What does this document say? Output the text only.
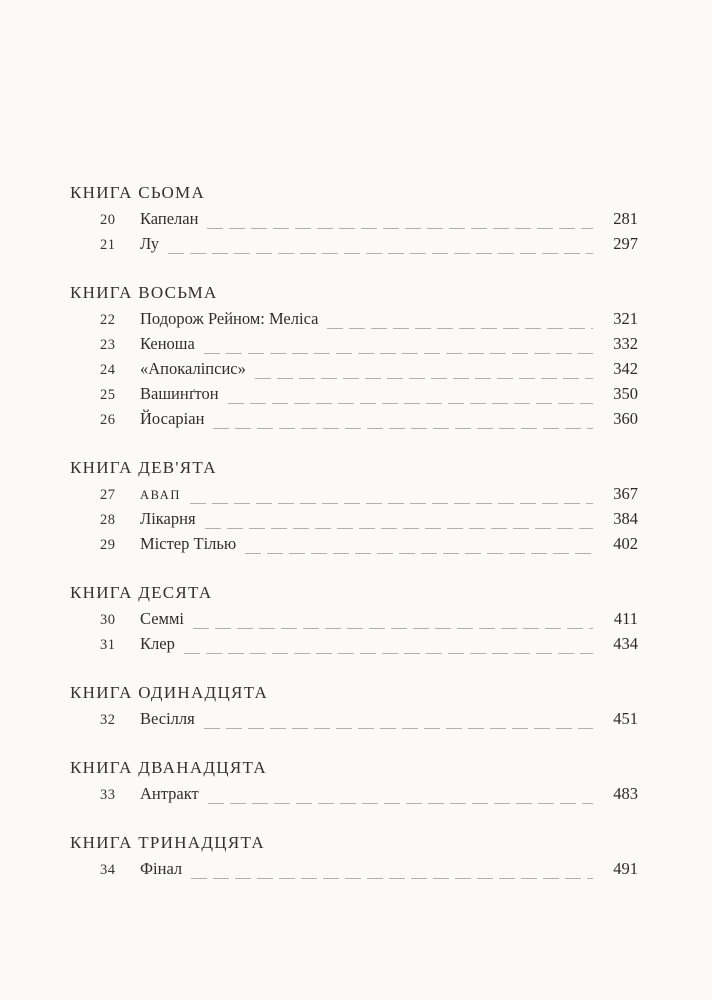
КНИГА СЬОМА
20	Капелан	281
21	Лу	297
КНИГА ВОСЬМА
22	Подорож Рейном: Меліса	321
23	Кеноша	332
24	«Апокаліпсис»	342
25	Вашинґтон	350
26	Йосаріан	360
КНИГА ДЕВ'ЯТА
27	АВАП	367
28	Лікарня	384
29	Містер Тілью	402
КНИГА ДЕСЯТА
30	Семмі	411
31	Клер	434
КНИГА ОДИНАДЦЯТА
32	Весілля	451
КНИГА ДВАНАДЦЯТА
33	Антракт	483
КНИГА ТРИНАДЦЯТА
34	Фінал	491
